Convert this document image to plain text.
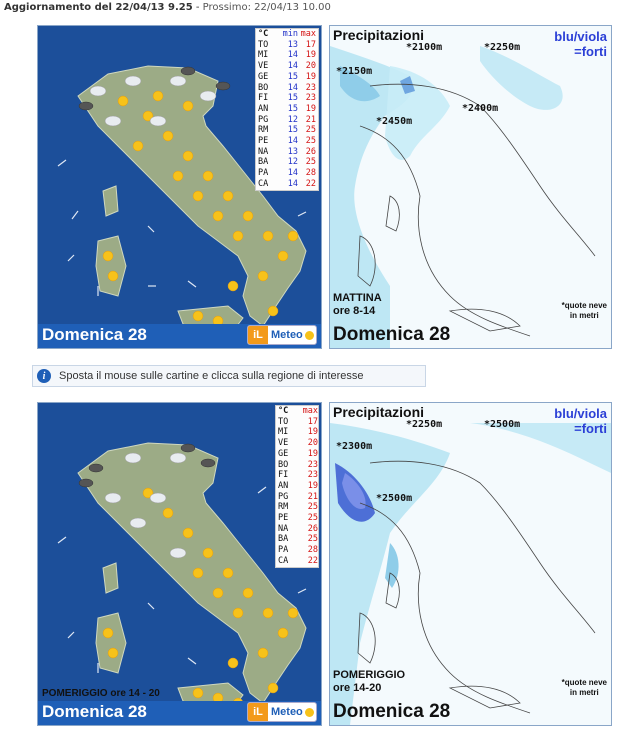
Aggiornamento del 22/04/13 9.25 - Prossimo: 22/04/13 10.00
°C	min max
TO	13 17
MI	14 19
VE	14 20
GE	15 19
BO	14 23
FI	15 23
AN	15 19
PG	12 21
RM	15 25
PE	14 25
NA	13 26
BA	12 25
PA	14 28
CA	14 22
Domenica 28	iL Meteo
Precipitazioni	blu/viola
=forti
*2100m	*2250m
*2150m
*2400m
*2450m
*quote neve
in metri
MATTINA
ore 8-14
Domenica 28
i	Sposta il mouse sulle cartine e clicca sulla regione di interesse
°C	max
TO	17
MI	19
VE	20
GE	19
BO	23
FI	23
AN	19
PG	21
RM	25
PE	25
NA	26
BA	25
PA	28
CA	22
POMERIGGIO ore 14 - 20
Domenica 28	iL Meteo
Precipitazioni	blu/viola
=forti
*2250m	*2500m
*2300m
*2500m
*quote neve
in metri
POMERIGGIO
ore 14-20
Domenica 28
